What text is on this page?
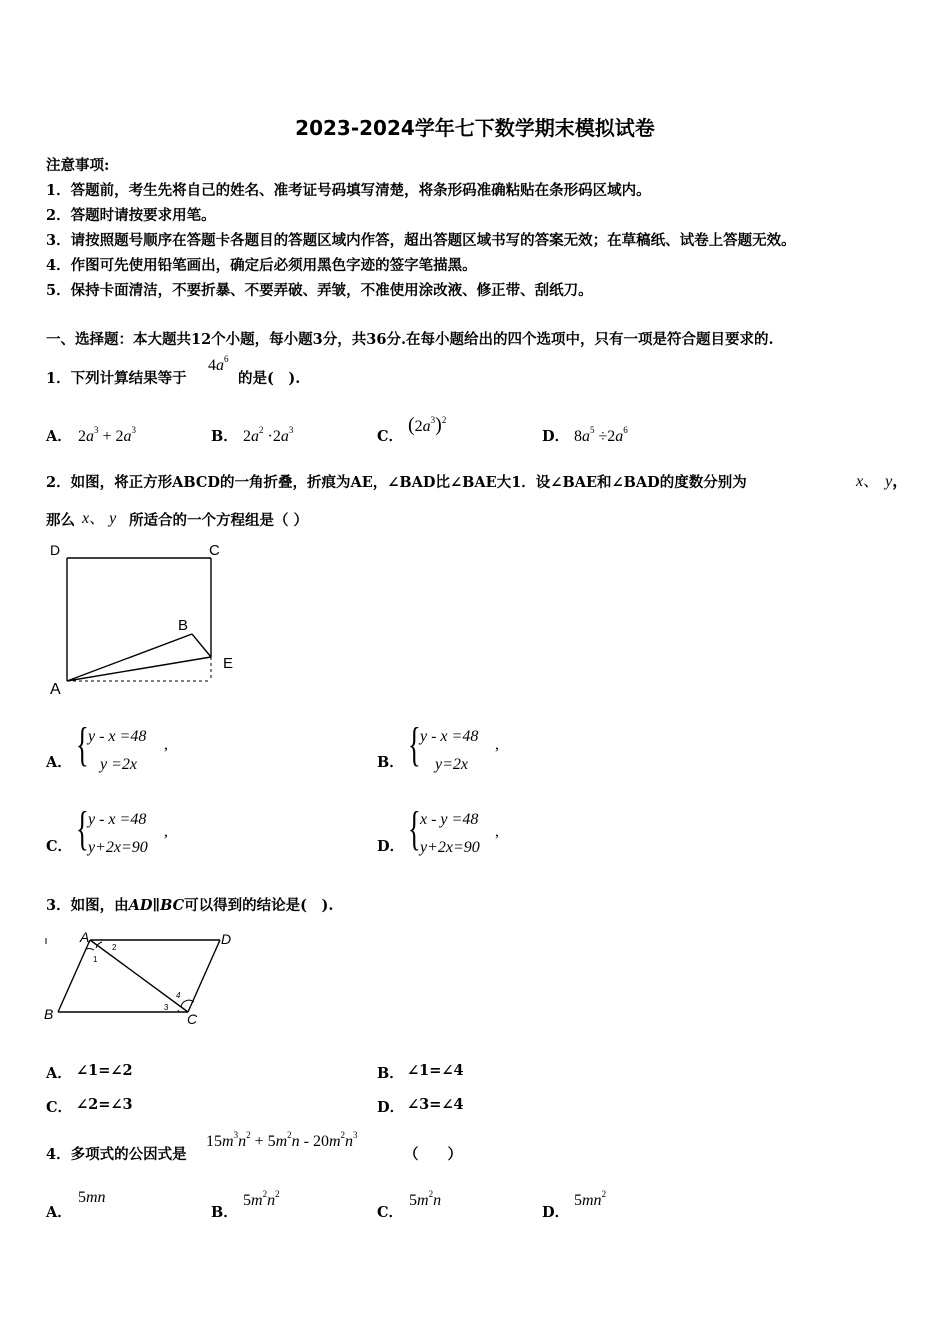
2023-2024学年七下数学期末模拟试卷
注意事项:
1．答题前，考生先将自己的姓名、准考证号码填写清楚，将条形码准确粘贴在条形码区域内。
2．答题时请按要求用笔。
3．请按照题号顺序在答题卡各题目的答题区域内作答，超出答题区域书写的答案无效；在草稿纸、试卷上答题无效。
4．作图可先使用铅笔画出，确定后必须用黑色字迹的签字笔描黑。
5．保持卡面清洁，不要折暴、不要弄破、弄皱，不准使用涂改液、修正带、刮纸刀。
一、选择题：本大题共12个小题，每小题3分，共36分.在每小题给出的四个选项中，只有一项是符合题目要求的.
1．下列计算结果等于
$4a^6$
的是( ).
A． $2a^3 + 2a^3$	B． $2a^2 \cdot 2a^3$	C．
$(2a^3)^2$
D． $8a^5 \div 2a^6$
2．如图，将正方形ABCD的一角折叠，折痕为AE，∠BAD比∠BAE大1．设∠BAE和∠BAD的度数分别为	x、 y，
那么 x、 y 所适合的一个方程组是（ ）
D	C
B
E
A
A． { y - x =48
y =2x
,
B． { y - x =48
y=2x
,
C． { y - x =48
y+2x=90
,
D． { x - y =48
y+2x=90
,
3．如图，由AD∥BC可以得到的结论是( ).
A	D
B	C
1
2
3
4
A． ∠1=∠2	B． ∠1=∠4
C． ∠2=∠3	D． ∠3=∠4
4．多项式的公因式是
$15m^3n^2 + 5m^2n - 20m^2n^3$
（  ）
A．
5mn
B．
$5m^2n^2$
C．
$5m^2n$
D．
$5mn^2$
